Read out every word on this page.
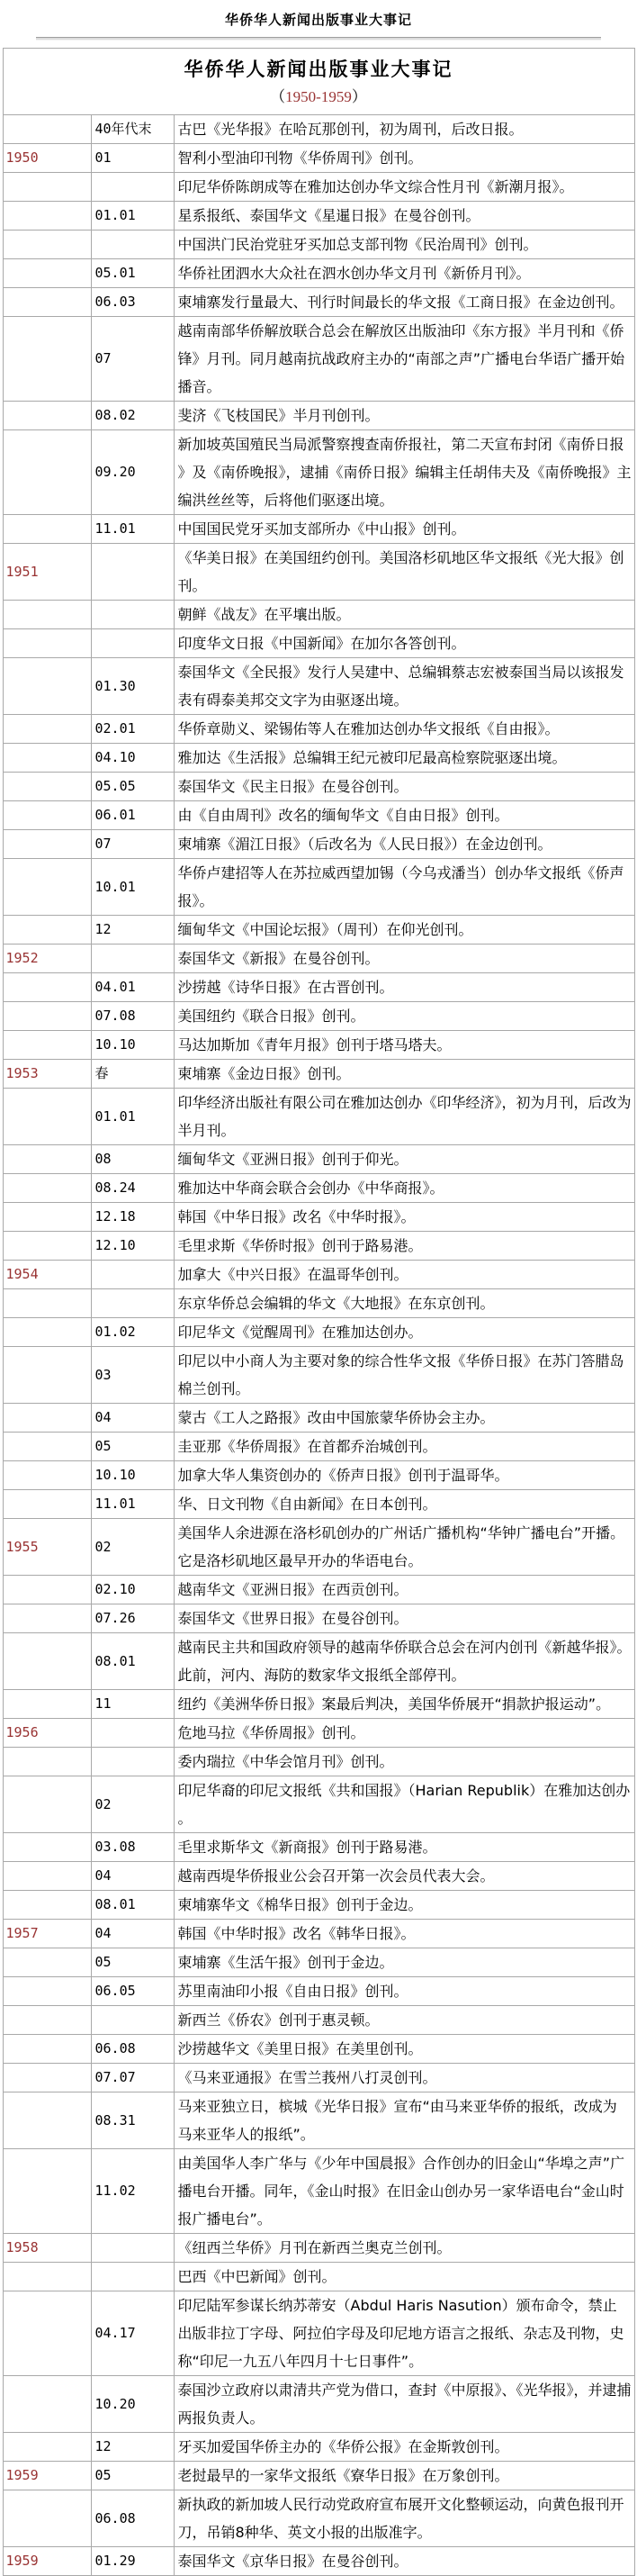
华侨华人新闻出版事业大事记
华侨华人新闻出版事业大事记
（1950-1959）		

	40年代末	古巴《光华报》在哈瓦那创刊，初为周刊，后改日报。
1950	01	智利小型油印刊物《华侨周刊》创刊。
		印尼华侨陈朗成等在雅加达创办华文综合性月刊《新潮月报》。
	01.01	星系报纸、泰国华文《星暹日报》在曼谷创刊。
		中国洪门民治党驻牙买加总支部刊物《民治周刊》创刊。
	05.01	华侨社团泗水大众社在泗水创办华文月刊《新侨月刊》。
	06.03	柬埔寨发行量最大、刊行时间最长的华文报《工商日报》在金边创刊。
	07	越南南部华侨解放联合总会在解放区出版油印《东方报》半月刊和《侨锋》月刊。同月越南抗战政府主办的“南部之声”广播电台华语广播开始播音。
	08.02	斐济《飞枝国民》半月刊创刊。
	09.20	新加坡英国殖民当局派警察搜查南侨报社，第二天宣布封闭《南侨日报》及《南侨晚报》，逮捕《南侨日报》编辑主任胡伟夫及《南侨晚报》主编洪丝丝等，后将他们驱逐出境。
	11.01	中国国民党牙买加支部所办《中山报》创刊。
1951		《华美日报》在美国纽约创刊。美国洛杉矶地区华文报纸《光大报》创刊。
		朝鲜《战友》在平壤出版。
		印度华文日报《中国新闻》在加尔各答创刊。
	01.30	泰国华文《全民报》发行人吴建中、总编辑蔡志宏被泰国当局以该报发表有碍泰美邦交文字为由驱逐出境。
	02.01	华侨章勋义、梁锡佑等人在雅加达创办华文报纸《自由报》。
	04.10	雅加达《生活报》总编辑王纪元被印尼最高检察院驱逐出境。
	05.05	泰国华文《民主日报》在曼谷创刊。
	06.01	由《自由周刊》改名的缅甸华文《自由日报》创刊。
	07	柬埔寨《湄江日报》（后改名为《人民日报》）在金边创刊。
	10.01	华侨卢建招等人在苏拉威西望加锡（今乌戎潘当）创办华文报纸《侨声报》。
	12	缅甸华文《中国论坛报》（周刊）在仰光创刊。
1952		泰国华文《新报》在曼谷创刊。
	04.01	沙捞越《诗华日报》在古晋创刊。
	07.08	美国纽约《联合日报》创刊。
	10.10	马达加斯加《青年月报》创刊于塔马塔夫。
1953	春	柬埔寨《金边日报》创刊。
	01.01	印华经济出版社有限公司在雅加达创办《印华经济》，初为月刊，后改为半月刊。
	08	缅甸华文《亚洲日报》创刊于仰光。
	08.24	雅加达中华商会联合会创办《中华商报》。
	12.18	韩国《中华日报》改名《中华时报》。
	12.10	毛里求斯《华侨时报》创刊于路易港。
1954		加拿大《中兴日报》在温哥华创刊。
		东京华侨总会编辑的华文《大地报》在东京创刊。
	01.02	印尼华文《觉醒周刊》在雅加达创办。
	03	印尼以中小商人为主要对象的综合性华文报《华侨日报》在苏门答腊岛棉兰创刊。
	04	蒙古《工人之路报》改由中国旅蒙华侨协会主办。
	05	圭亚那《华侨周报》在首都乔治城创刊。
	10.10	加拿大华人集资创办的《侨声日报》创刊于温哥华。
	11.01	华、日文刊物《自由新闻》在日本创刊。
1955	02	美国华人余进源在洛杉矶创办的广州话广播机构“华钟广播电台”开播。它是洛杉矶地区最早开办的华语电台。
	02.10	越南华文《亚洲日报》在西贡创刊。
	07.26	泰国华文《世界日报》在曼谷创刊。
	08.01	越南民主共和国政府领导的越南华侨联合总会在河内创刊《新越华报》。此前，河内、海防的数家华文报纸全部停刊。
	11	纽约《美洲华侨日报》案最后判决，美国华侨展开“捐款护报运动”。
1956		危地马拉《华侨周报》创刊。
		委内瑞拉《中华会馆月刊》创刊。
	02	印尼华裔的印尼文报纸《共和国报》（Harian Republik）在雅加达创办。
	03.08	毛里求斯华文《新商报》创刊于路易港。
	04	越南西堤华侨报业公会召开第一次会员代表大会。
	08.01	柬埔寨华文《棉华日报》创刊于金边。
1957	04	韩国《中华时报》改名《韩华日报》。
	05	柬埔寨《生活午报》创刊于金边。
	06.05	苏里南油印小报《自由日报》创刊。
		新西兰《侨农》创刊于惠灵顿。
	06.08	沙捞越华文《美里日报》在美里创刊。
	07.07	《马来亚通报》在雪兰莪州八打灵创刊。
	08.31	马来亚独立日，槟城《光华日报》宣布“由马来亚华侨的报纸，改成为马来亚华人的报纸”。
	11.02	由美国华人李广华与《少年中国晨报》合作创办的旧金山“华埠之声”广播电台开播。同年，《金山时报》在旧金山创办另一家华语电台“金山时报广播电台”。
1958		《纽西兰华侨》月刊在新西兰奥克兰创刊。
		巴西《中巴新闻》创刊。
	04.17	印尼陆军参谋长纳苏蒂安（Abdul Haris Nasution）颁布命令，禁止出版非拉丁字母、阿拉伯字母及印尼地方语言之报纸、杂志及刊物，史称“印尼一九五八年四月十七日事件”。
	10.20	泰国沙立政府以肃清共产党为借口，查封《中原报》、《光华报》，并逮捕两报负责人。
	12	牙买加爱国华侨主办的《华侨公报》在金斯敦创刊。
1959	05	老挝最早的一家华文报纸《寮华日报》在万象创刊。
	06.08	新执政的新加坡人民行动党政府宣布展开文化整顿运动，向黄色报刊开刀，吊销8种华、英文小报的出版准字。
1959	01.29	泰国华文《京华日报》在曼谷创刊。
